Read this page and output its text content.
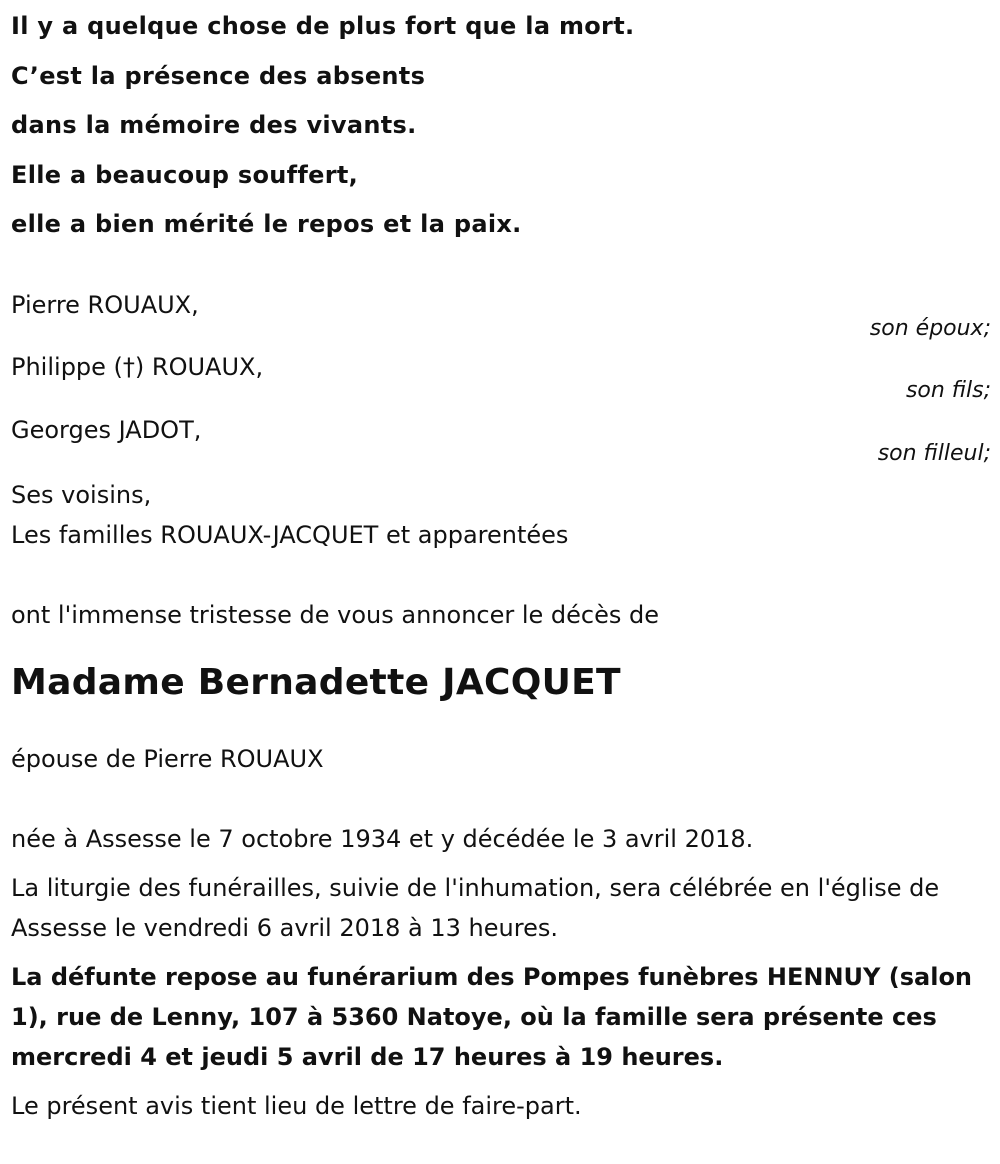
Il y a quelque chose de plus fort que la mort.

C’est la présence des absents

dans la mémoire des vivants.

Elle a beaucoup souffert,

elle a bien mérité le repos et la paix.

Pierre ROUAUX,
son époux;
Philippe (†) ROUAUX,
son fils;
Georges JADOT,
son filleul;
Ses voisins,
Les familles ROUAUX-JACQUET et apparentées
ont l'immense tristesse de vous annoncer le décès de
Madame Bernadette JACQUET
épouse de Pierre ROUAUX

née à Assesse le 7 octobre 1934 et y décédée le 3 avril 2018.

La liturgie des funérailles, suivie de l'inhumation, sera célébrée en l'église de Assesse le vendredi 6 avril 2018 à 13 heures.

La défunte repose au funérarium des Pompes funèbres HENNUY (salon 1), rue de Lenny, 107 à 5360 Natoye, où la famille sera présente ces mercredi 4 et jeudi 5 avril de 17 heures à 19 heures.

Le présent avis tient lieu de lettre de faire-part.
